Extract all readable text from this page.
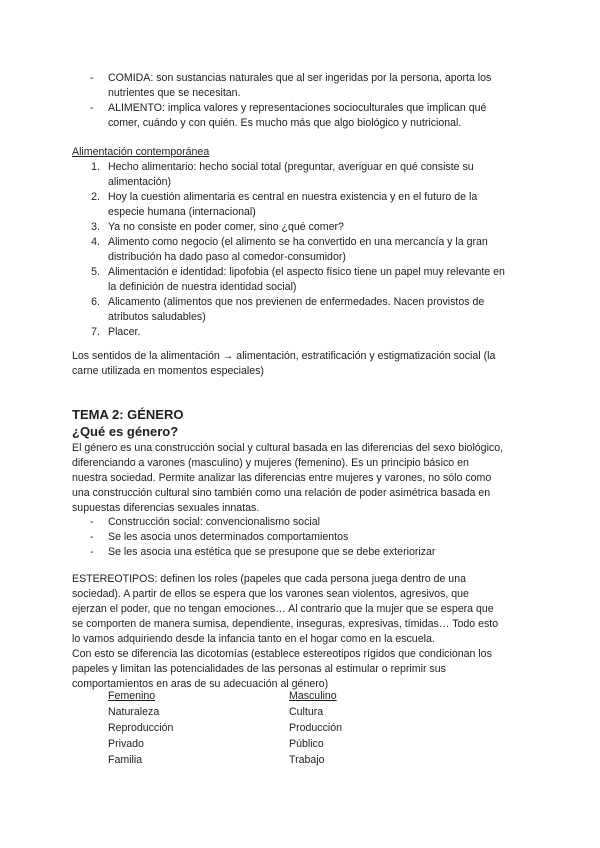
- COMIDA: son sustancias naturales que al ser ingeridas por la persona, aporta los
nutrientes que se necesitan.
- ALIMENTO: implica valores y representaciones socioculturales que implican qué
comer, cuándo y con quién. Es mucho más que algo biológico y nutricional.
Alimentación contemporánea
1. Hecho alimentario: hecho social total (preguntar, averiguar en qué consiste su
alimentación)
2. Hoy la cuestión alimentaria es central en nuestra existencia y en el futuro de la
especie humana (internacional)
3. Ya no consiste en poder comer, sino ¿qué comer?
4. Alimento como negocio (el alimento se ha convertido en una mercancía y la gran
distribución ha dado paso al comedor-consumidor)
5. Alimentación e identidad: lipofobia (el aspecto físico tiene un papel muy relevante en
la definición de nuestra identidad social)
6. Alicamento (alimentos que nos previenen de enfermedades. Nacen provistos de
atributos saludables)
7. Placer.
Los sentidos de la alimentación → alimentación, estratificación y estigmatización social (la
carne utilizada en momentos especiales)
TEMA 2: GÉNERO
¿Qué es género?
El género es una construcción social y cultural basada en las diferencias del sexo biológico,
diferenciando a varones (masculino) y mujeres (femenino). Es un principio básico en
nuestra sociedad. Permite analizar las diferencias entre mujeres y varones, no sólo como
una construcción cultural sino también como una relación de poder asimétrica basada en
supuestas diferencias sexuales innatas.
- Construcción social: convencionalismo social
- Se les asocia unos determinados comportamientos
- Se les asocia una estética que se presupone que se debe exteriorizar
ESTEREOTIPOS: definen los roles (papeles que cada persona juega dentro de una
sociedad). A partir de ellos se espera que los varones sean violentos, agresivos, que
ejerzan el poder, que no tengan emociones… Al contrario que la mujer que se espera que
se comporten de manera sumisa, dependiente, inseguras, expresivas, tímidas… Todo esto
lo vamos adquiriendo desde la infancia tanto en el hogar como en la escuela.
Con esto se diferencia las dicotomías (establece estereotipos rígidos que condicionan los
papeles y limitan las potencialidades de las personas al estimular o reprimir sus
comportamientos en aras de su adecuación al género)
Femenino
Naturaleza
Reproducción
Privado
Familia
Masculino
Cultura
Producción
Público
Trabajo
